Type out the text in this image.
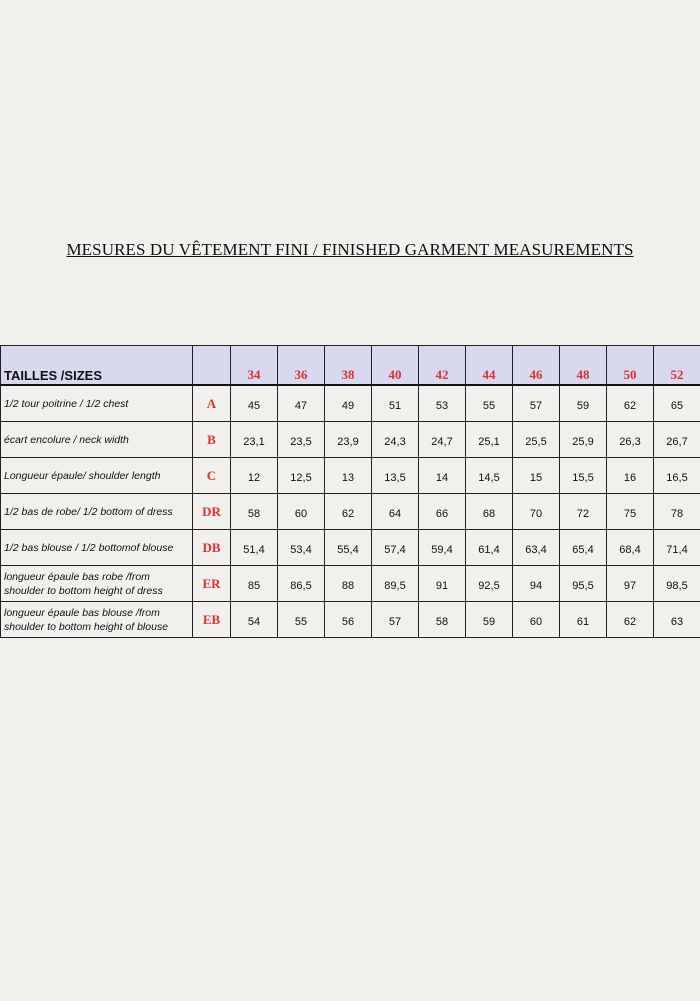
MESURES DU VÊTEMENT FINI / FINISHED GARMENT MEASUREMENTS
TAILLES /SIZES		34	36	38	40	42	44	46	48	50	52
1/2 tour poitrine / 1/2 chest	A	45	47	49	51	53	55	57	59	62	65
écart encolure / neck width	B	23,1	23,5	23,9	24,3	24,7	25,1	25,5	25,9	26,3	26,7
Longueur épaule/ shoulder length	C	12	12,5	13	13,5	14	14,5	15	15,5	16	16,5
1/2 bas de robe/ 1/2 bottom of dress	DR	58	60	62	64	66	68	70	72	75	78
1/2 bas blouse / 1/2 bottomof blouse	DB	51,4	53,4	55,4	57,4	59,4	61,4	63,4	65,4	68,4	71,4
longueur épaule bas robe /from shoulder to bottom height of dress	ER	85	86,5	88	89,5	91	92,5	94	95,5	97	98,5
longueur épaule bas blouse /from shoulder to bottom height of blouse	EB	54	55	56	57	58	59	60	61	62	63
